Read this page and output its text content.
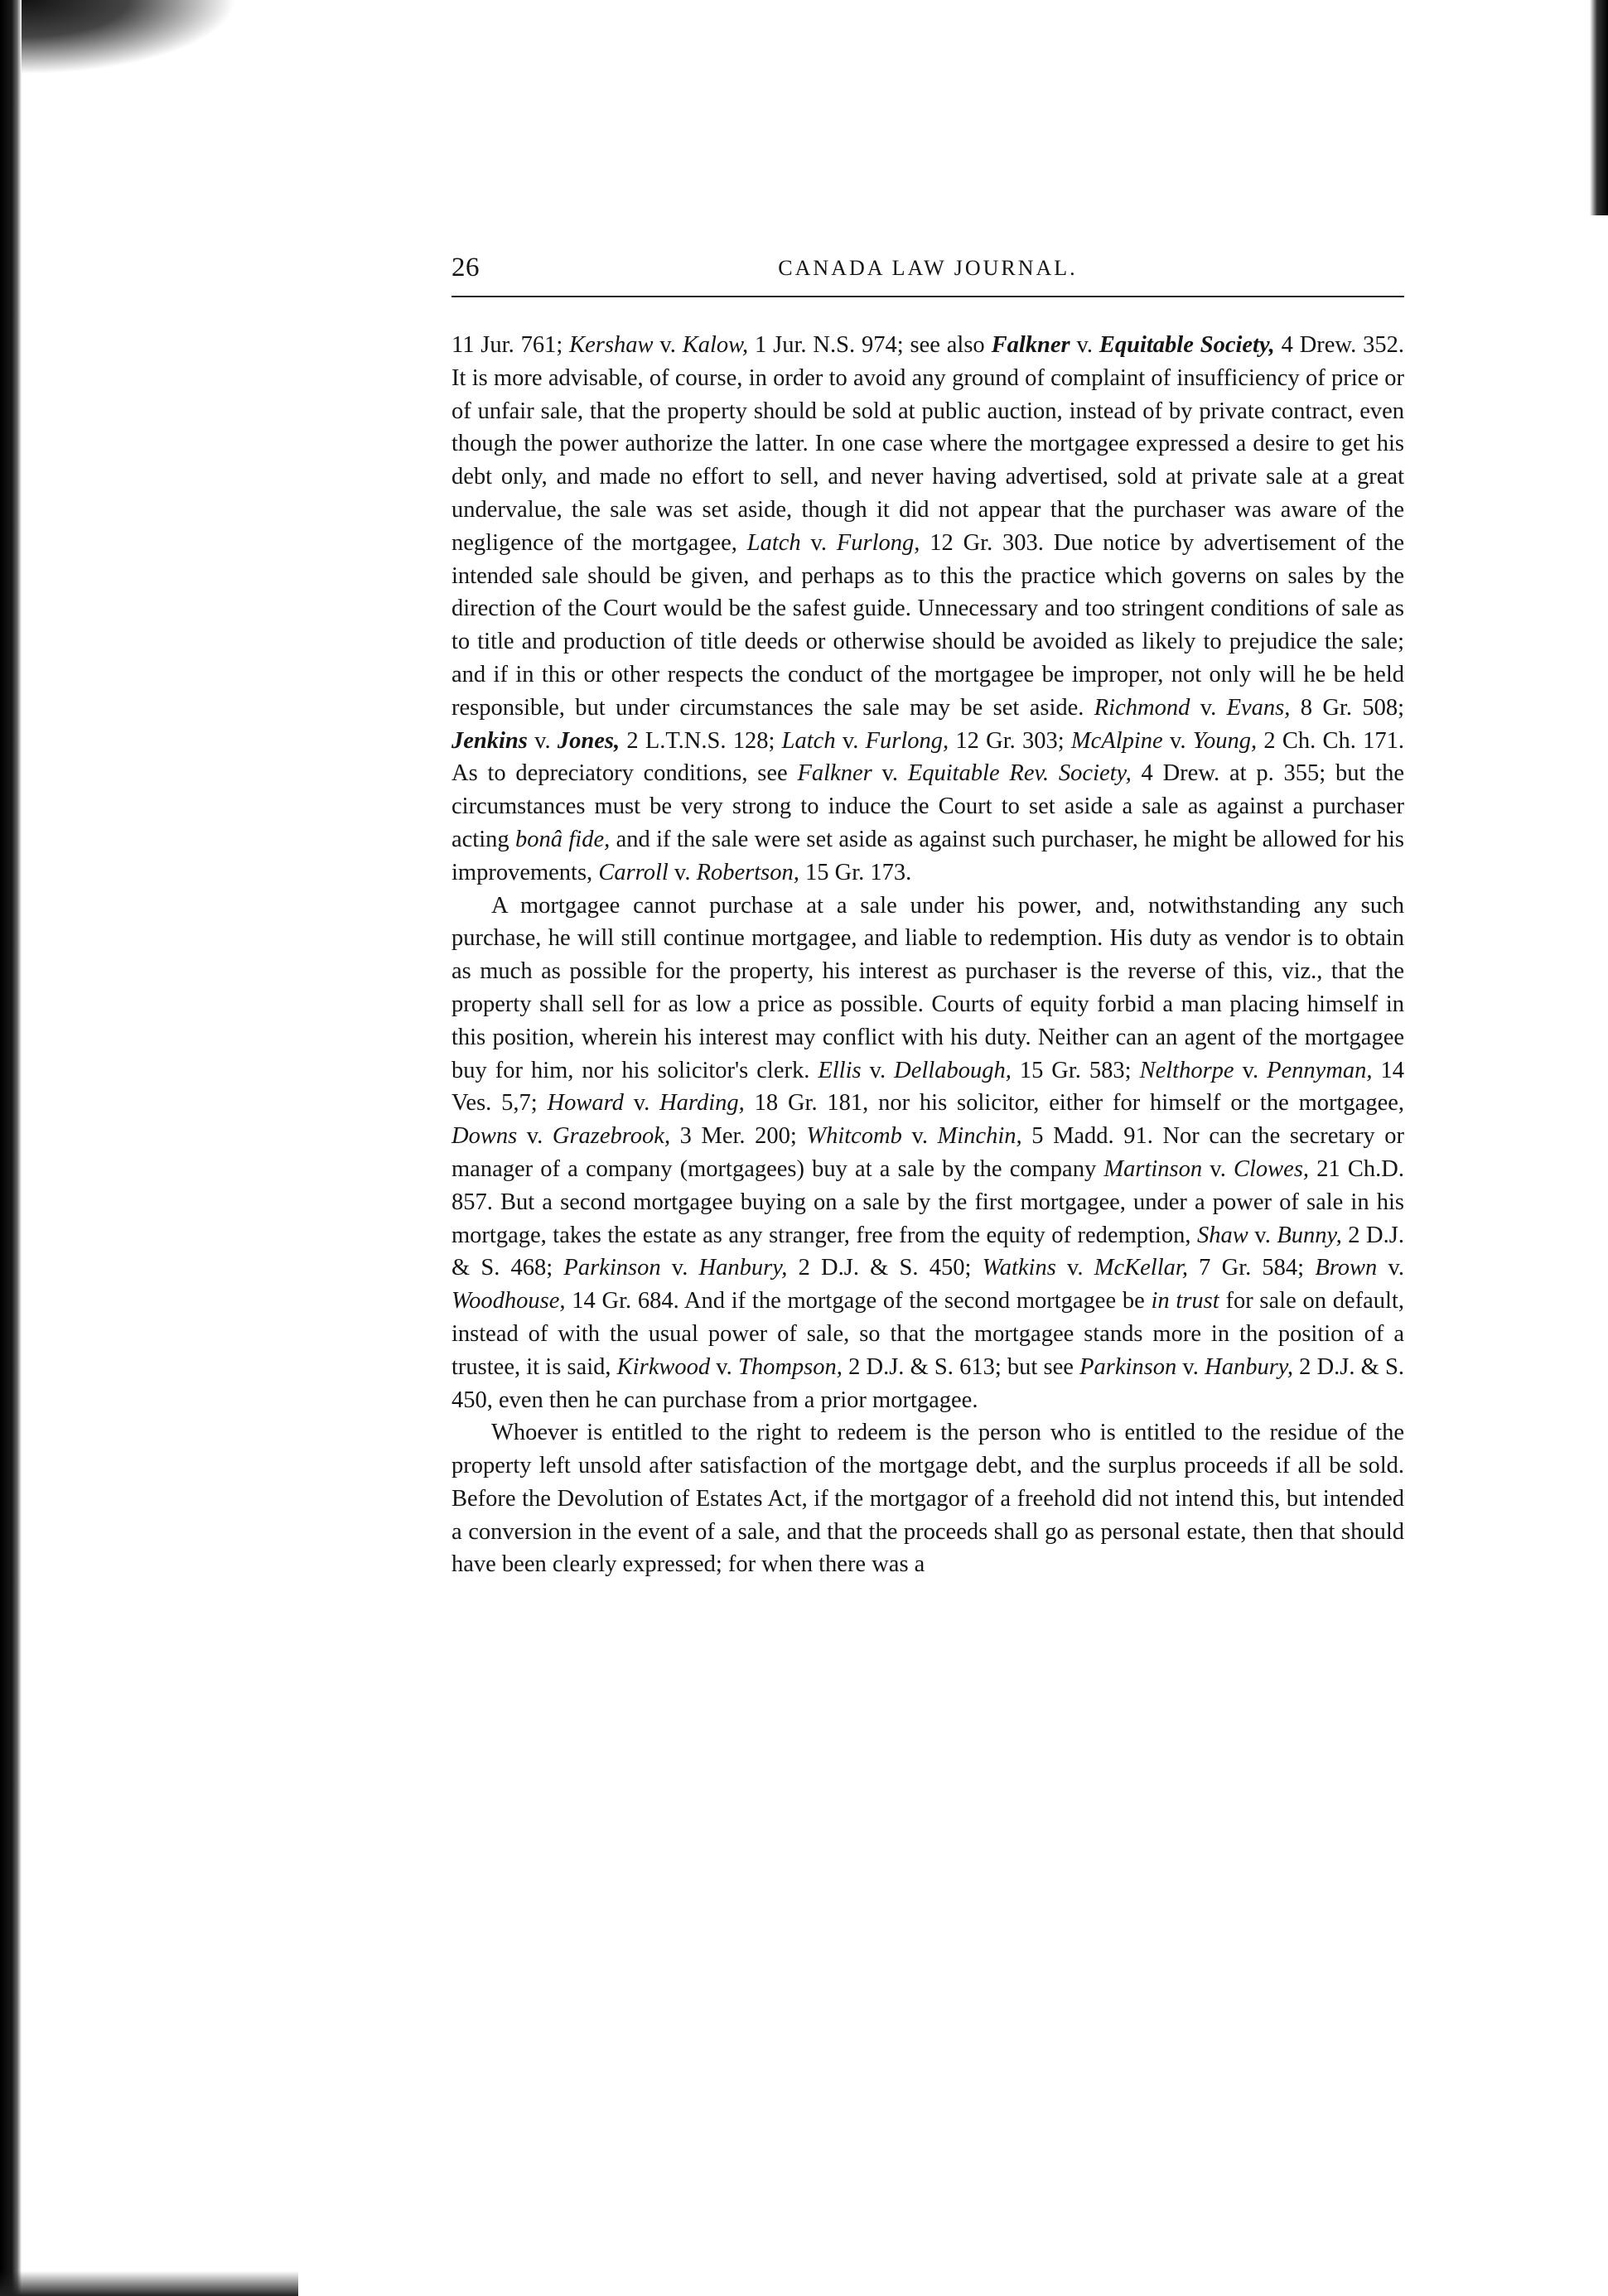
26	CANADA LAW JOURNAL.

11 Jur. 761; Kershaw v. Kalow, 1 Jur. N.S. 974; see also Falkner v. Equitable Society, 4 Drew. 352. It is more advisable, of course, in order to avoid any ground of complaint of insufficiency of price or of unfair sale, that the property should be sold at public auction, instead of by private contract, even though the power authorize the latter. In one case where the mortgagee expressed a desire to get his debt only, and made no effort to sell, and never having advertised, sold at private sale at a great undervalue, the sale was set aside, though it did not appear that the purchaser was aware of the negligence of the mortgagee, Latch v. Furlong, 12 Gr. 303. Due notice by advertisement of the intended sale should be given, and perhaps as to this the practice which governs on sales by the direction of the Court would be the safest guide. Unnecessary and too stringent conditions of sale as to title and production of title deeds or otherwise should be avoided as likely to prejudice the sale; and if in this or other respects the conduct of the mortgagee be improper, not only will he be held responsible, but under circumstances the sale may be set aside. Richmond v. Evans, 8 Gr. 508; Jenkins v. Jones, 2 L.T.N.S. 128; Latch v. Furlong, 12 Gr. 303; McAlpine v. Young, 2 Ch. Ch. 171. As to depreciatory conditions, see Falkner v. Equitable Rev. Society, 4 Drew. at p. 355; but the circumstances must be very strong to induce the Court to set aside a sale as against a purchaser acting bonâ fide, and if the sale were set aside as against such purchaser, he might be allowed for his improvements, Carroll v. Robertson, 15 Gr. 173.

A mortgagee cannot purchase at a sale under his power, and, notwithstanding any such purchase, he will still continue mortgagee, and liable to redemption. His duty as vendor is to obtain as much as possible for the property, his interest as purchaser is the reverse of this, viz., that the property shall sell for as low a price as possible. Courts of equity forbid a man placing himself in this position, wherein his interest may conflict with his duty. Neither can an agent of the mortgagee buy for him, nor his solicitor's clerk. Ellis v. Dellabough, 15 Gr. 583; Nelthorpe v. Pennyman, 14 Ves. 5,7; Howard v. Harding, 18 Gr. 181, nor his solicitor, either for himself or the mortgagee, Downs v. Grazebrook, 3 Mer. 200; Whitcomb v. Minchin, 5 Madd. 91. Nor can the secretary or manager of a company (mortgagees) buy at a sale by the company Martinson v. Clowes, 21 Ch.D. 857. But a second mortgagee buying on a sale by the first mortgagee, under a power of sale in his mortgage, takes the estate as any stranger, free from the equity of redemption, Shaw v. Bunny, 2 D.J. & S. 468; Parkinson v. Hanbury, 2 D.J. & S. 450; Watkins v. McKellar, 7 Gr. 584; Brown v. Woodhouse, 14 Gr. 684. And if the mortgage of the second mortgagee be in trust for sale on default, instead of with the usual power of sale, so that the mortgagee stands more in the position of a trustee, it is said, Kirkwood v. Thompson, 2 D.J. & S. 613; but see Parkinson v. Hanbury, 2 D.J. & S. 450, even then he can purchase from a prior mortgagee.

Whoever is entitled to the right to redeem is the person who is entitled to the residue of the property left unsold after satisfaction of the mortgage debt, and the surplus proceeds if all be sold. Before the Devolution of Estates Act, if the mortgagor of a freehold did not intend this, but intended a conversion in the event of a sale, and that the proceeds shall go as personal estate, then that should have been clearly expressed; for when there was a
